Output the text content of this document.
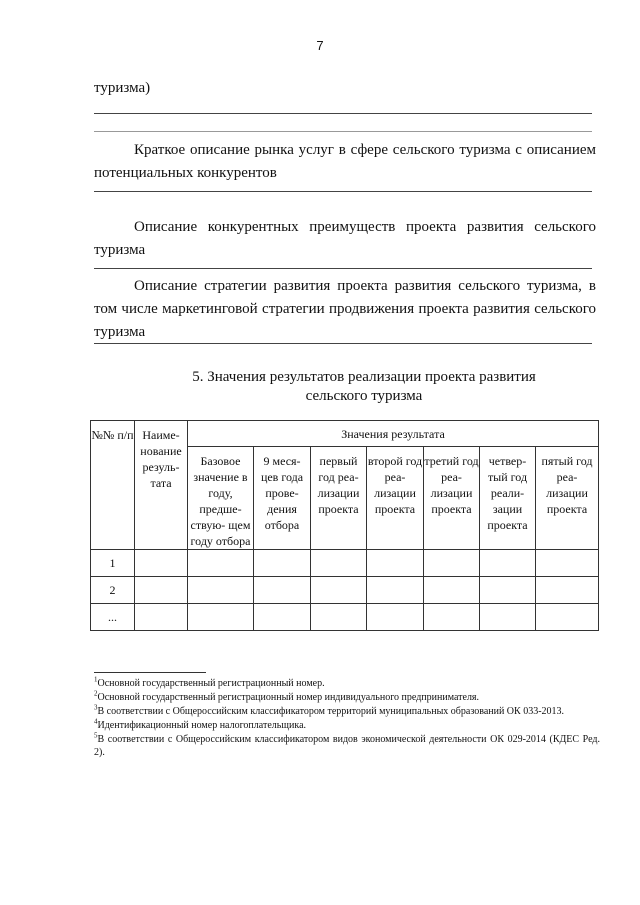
7
туризма)
Краткое описание рынка услуг в сфере сельского туризма с описанием потенциальных конкурентов
Описание конкурентных преимуществ проекта развития сельского туризма
Описание стратегии развития проекта развития сельского туризма, в том числе маркетинговой стратегии продвижения проекта развития сельского туризма
5. Значения результатов реализации проекта развития
сельского туризма
№№ п/п	Наиме- нование резуль- тата	Значения результата						
		Базовое значение в году, предше- ствую- щем году отбора	9 меся- цев года прове- дения отбора	первый год реа- лизации проекта	второй год реа- лизации проекта	третий год реа- лизации проекта	четвер- тый год реали- зации проекта	пятый год реа- лизации проекта
1								
2								
...								

$^1$Основной государственный регистрационный номер.

$^2$Основной государственный регистрационный номер индивидуального предпринимателя.

$^3$В соответствии с Общероссийским классификатором территорий муниципальных образований ОК 033-2013.

$^4$Идентификационный номер налогоплательщика.

$^5$В соответствии с Общероссийским классификатором видов экономической деятельности ОК 029-2014 (КДЕС Ред. 2).
